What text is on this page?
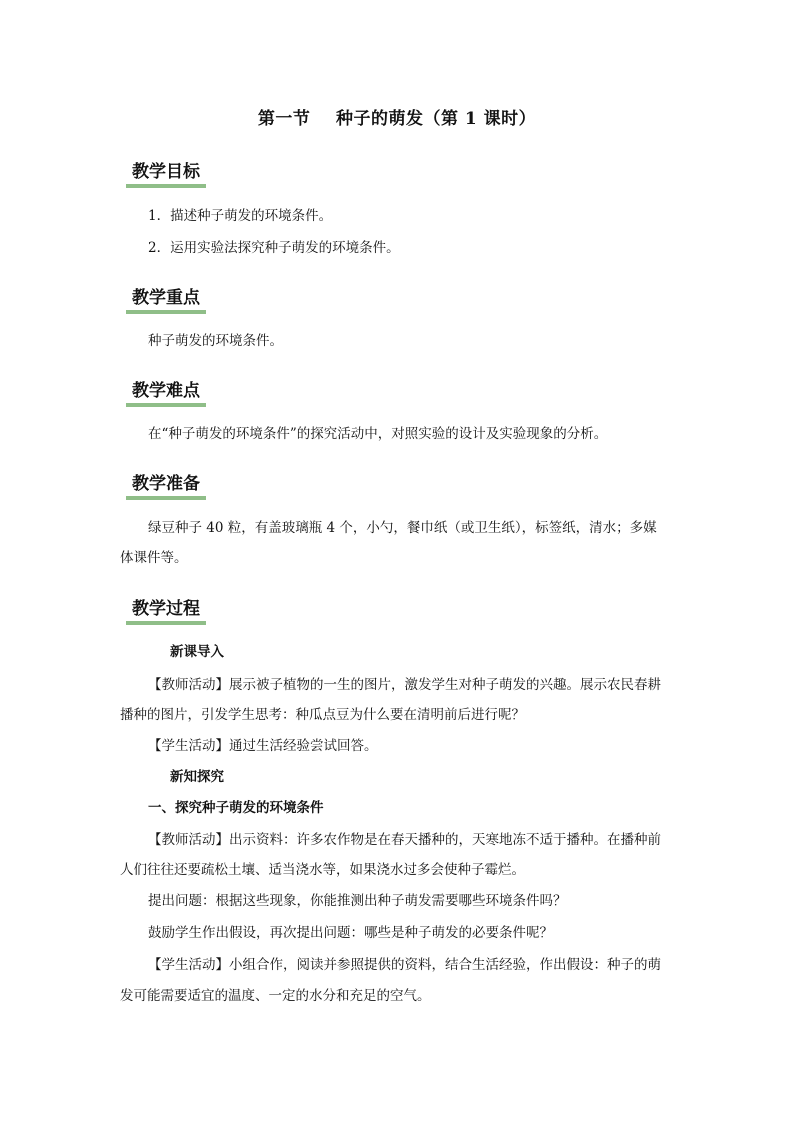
第一节    种子的萌发（第 1 课时）
教学目标
1．描述种子萌发的环境条件。
2．运用实验法探究种子萌发的环境条件。
教学重点
种子萌发的环境条件。
教学难点
在“种子萌发的环境条件”的探究活动中，对照实验的设计及实验现象的分析。
教学准备
绿豆种子 40 粒，有盖玻璃瓶 4 个，小勺，餐巾纸（或卫生纸），标签纸，清水；多媒
体课件等。
教学过程
新课导入
【教师活动】展示被子植物的一生的图片，激发学生对种子萌发的兴趣。展示农民春耕
播种的图片，引发学生思考：种瓜点豆为什么要在清明前后进行呢？
【学生活动】通过生活经验尝试回答。
新知探究
一、探究种子萌发的环境条件
【教师活动】出示资料：许多农作物是在春天播种的，天寒地冻不适于播种。在播种前
人们往往还要疏松土壤、适当浇水等，如果浇水过多会使种子霉烂。
提出问题：根据这些现象，你能推测出种子萌发需要哪些环境条件吗？
鼓励学生作出假设，再次提出问题：哪些是种子萌发的必要条件呢？
【学生活动】小组合作，阅读并参照提供的资料，结合生活经验，作出假设：种子的萌
发可能需要适宜的温度、一定的水分和充足的空气。
